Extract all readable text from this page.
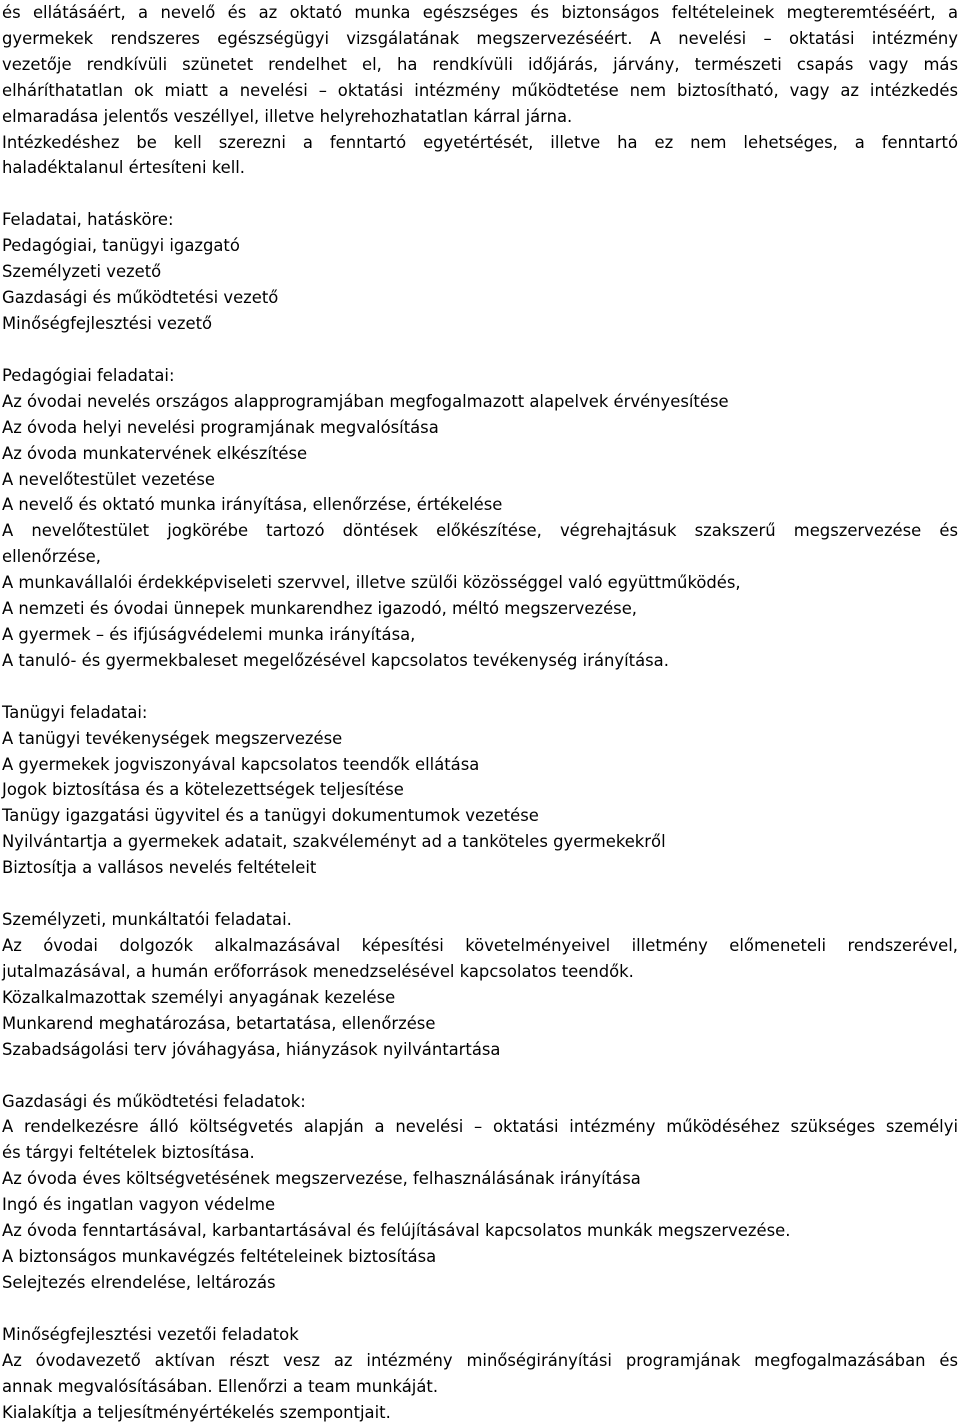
és ellátásáért, a nevelő és az oktató munka egészséges és biztonságos feltételeinek megteremtéséért, a
gyermekek rendszeres egészségügyi vizsgálatának megszervezéséért. A nevelési – oktatási intézmény
vezetője rendkívüli szünetet rendelhet el, ha rendkívüli időjárás, járvány, természeti csapás vagy más
elháríthatatlan ok miatt a nevelési – oktatási intézmény működtetése nem biztosítható, vagy az intézkedés
elmaradása jelentős veszéllyel, illetve helyrehozhatatlan kárral járna.
Intézkedéshez be kell szerezni a fenntartó egyetértését, illetve ha ez nem lehetséges, a fenntartó
haladéktalanul értesíteni kell.
Feladatai, hatásköre:
Pedagógiai, tanügyi igazgató
Személyzeti vezető
Gazdasági és működtetési vezető
Minőségfejlesztési vezető
Pedagógiai feladatai:
Az óvodai nevelés országos alapprogramjában megfogalmazott alapelvek érvényesítése
Az óvoda helyi nevelési programjának megvalósítása
Az óvoda munkatervének elkészítése
A nevelőtestület vezetése
A nevelő és oktató munka irányítása, ellenőrzése, értékelése
A nevelőtestület jogkörébe tartozó döntések előkészítése, végrehajtásuk szakszerű megszervezése és
ellenőrzése,
A munkavállalói érdekképviseleti szervvel, illetve szülői közösséggel való együttműködés,
A nemzeti és óvodai ünnepek munkarendhez igazodó, méltó megszervezése,
A gyermek – és ifjúságvédelemi munka irányítása,
A tanuló- és gyermekbaleset megelőzésével kapcsolatos tevékenység irányítása.
Tanügyi feladatai:
A tanügyi tevékenységek megszervezése
A gyermekek jogviszonyával kapcsolatos teendők ellátása
Jogok biztosítása és a kötelezettségek teljesítése
Tanügy igazgatási ügyvitel és a tanügyi dokumentumok vezetése
Nyilvántartja a gyermekek adatait, szakvéleményt ad a tanköteles gyermekekről
Biztosítja a vallásos nevelés feltételeit
Személyzeti, munkáltatói feladatai.
Az óvodai dolgozók alkalmazásával képesítési követelményeivel illetmény előmeneteli rendszerével,
jutalmazásával, a humán erőforrások menedzselésével kapcsolatos teendők.
Közalkalmazottak személyi anyagának kezelése
Munkarend meghatározása, betartatása, ellenőrzése
Szabadságolási terv jóváhagyása, hiányzások nyilvántartása
Gazdasági és működtetési feladatok:
A rendelkezésre álló költségvetés alapján a nevelési – oktatási intézmény működéséhez szükséges személyi
és tárgyi feltételek biztosítása.
Az óvoda éves költségvetésének megszervezése, felhasználásának irányítása
Ingó és ingatlan vagyon védelme
Az óvoda fenntartásával, karbantartásával és felújításával kapcsolatos munkák megszervezése.
A biztonságos munkavégzés feltételeinek biztosítása
Selejtezés elrendelése, leltározás
Minőségfejlesztési vezetői feladatok
Az óvodavezető aktívan részt vesz az intézmény minőségirányítási programjának megfogalmazásában és
annak megvalósításában. Ellenőrzi a team munkáját.
Kialakítja a teljesítményértékelés szempontjait.
